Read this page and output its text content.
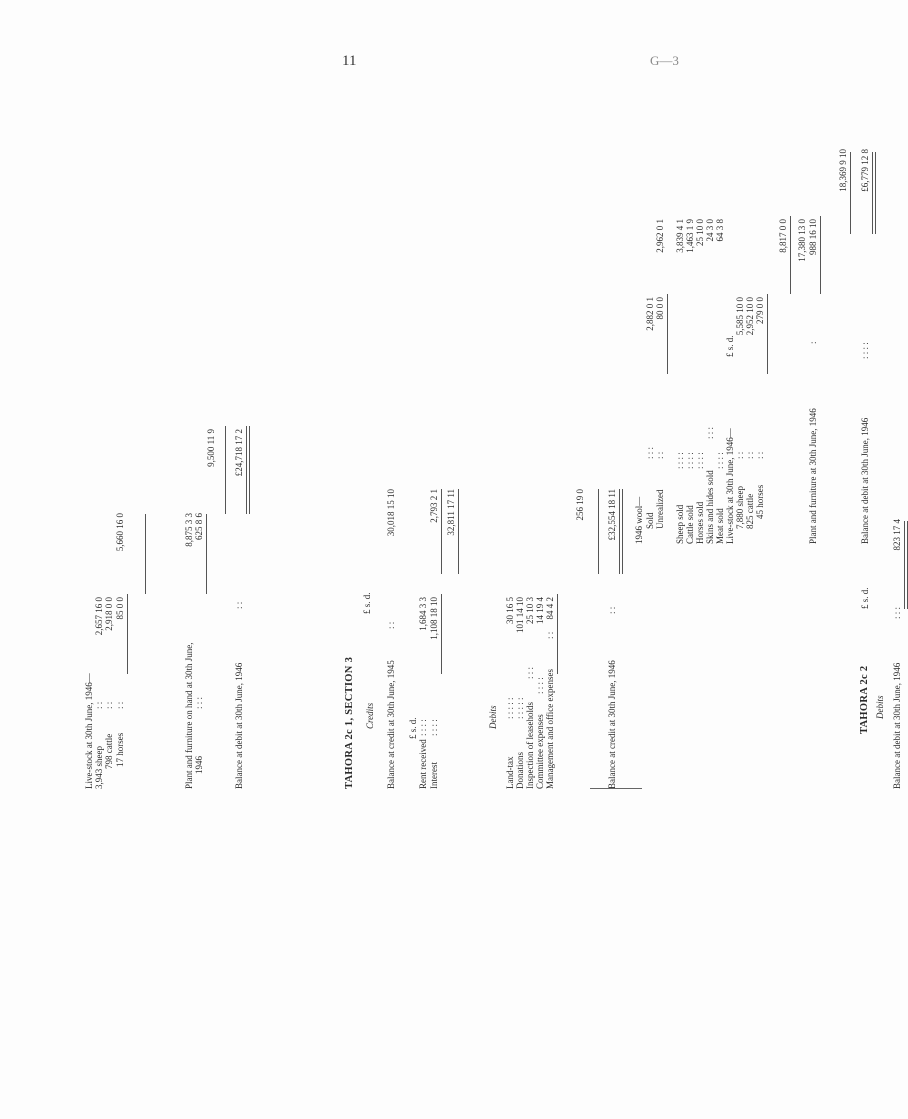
11	G—3
Live-stock at 30th June, 1946— 3,943 sheep
: :
2,657 16 0
798 cattle
: :
2,918 0 0
17 horses
: :
85 0 0
5,660 16 0
Plant and furniture on hand at 30th June, 1946
: : :
8,875 3 3 625 8 6
9,500 11 9
Balance at debit at 30th June, 1946
: :
£24,718 17 2
TAHORA 2c 1, SECTION 3 Credits Balance at credit at 30th June, 1945
: :
£ s. d.
30,018 15 10
£ s. d.
Rent received
: : : :
1,684 3 3
Interest
: : : :
1,108 18 10
2,793 2 1 32,811 17 11
Debits
Land-tax
: : : : :
30 16 5
Donations
: : : : :
101 14 10
Inspection of leaseholds
: : :
25 10 3
Committee expenses
: : : :
14 19 4
Management and office expenses
: :
84 4 2
256 19 0
Balance at credit at 30th June, 1946
: :
£32,554 18 11 1946 wool— Sold
: : :
2,882 0 1
Unrealized
: :
80 0 0
2,962 0 1
Sheep sold
: : : :
3,839 4 1
Cattle sold
: : : :
1,463 1 9
Horses sold
: : : :
25 10 0
Skins and hides sold
: : :
24 3 0
Meat sold
: : : :
64 3 8
Live-stock at 30th June, 1946—
£ s. d.
7,880 sheep
: :
5,585 10 0
825 cattle
: :
2,952 10 0
45 horses
: :
279 0 0
8,817 0 0
Plant and furniture at 30th June, 1946
:
17,380 13 0 988 16 10
18,369 9 10
Balance at debit at 30th June, 1946
: : : :
£6,779 12 8
TAHORA 2c 2 Debits Balance at debit at 30th June, 1946
: : :
£ s. d.
823 17 4
